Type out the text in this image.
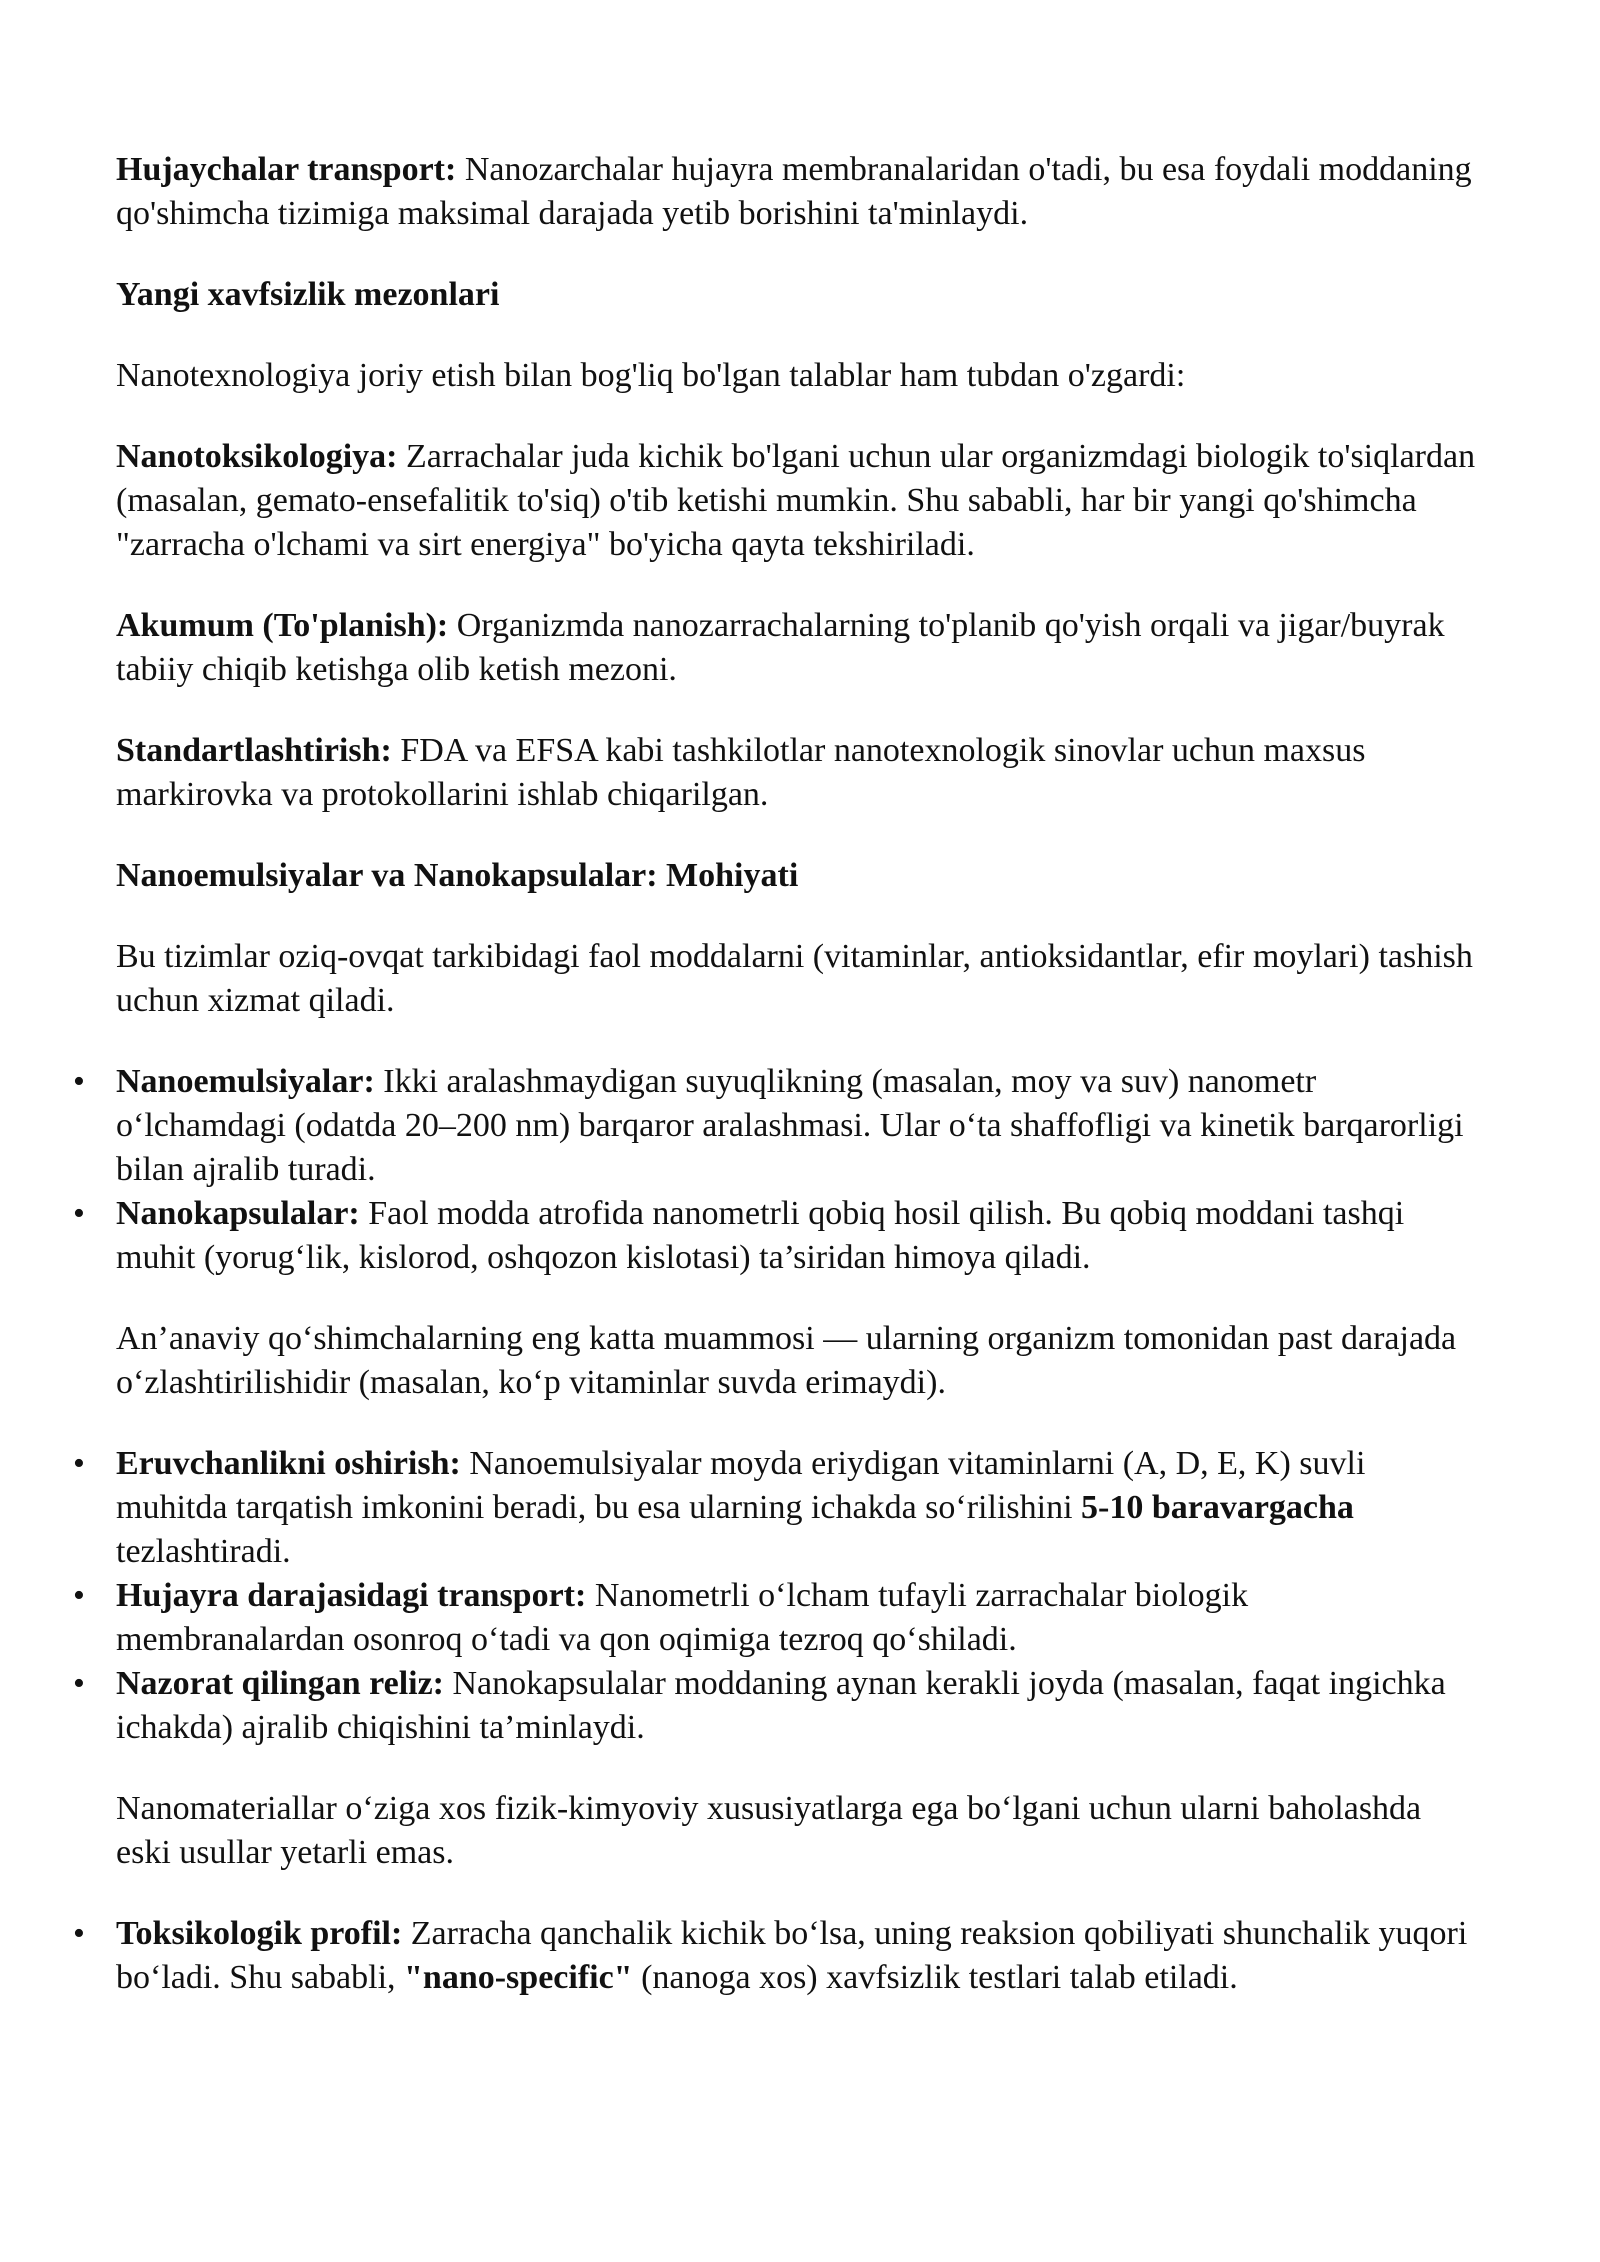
Hujaychalar transport: Nanozarchalar hujayra membranalaridan o'tadi, bu esa foydali moddaning qo'shimcha tizimiga maksimal darajada yetib borishini ta'minlaydi.

Yangi xavfsizlik mezonlari

Nanotexnologiya joriy etish bilan bog'liq bo'lgan talablar ham tubdan o'zgardi:

Nanotoksikologiya: Zarrachalar juda kichik bo'lgani uchun ular organizmdagi biologik to'siqlardan (masalan, gemato-ensefalitik to'siq) o'tib ketishi mumkin. Shu sababli, har bir yangi qo'shimcha "zarracha o'lchami va sirt energiya" bo'yicha qayta tekshiriladi.

Akumum (To'planish): Organizmda nanozarrachalarning to'planib qo'yish orqali va jigar/buyrak tabiiy chiqib ketishga olib ketish mezoni.

Standartlashtirish: FDA va EFSA kabi tashkilotlar nanotexnologik sinovlar uchun maxsus markirovka va protokollarini ishlab chiqarilgan.

Nanoemulsiyalar va Nanokapsulalar: Mohiyati

Bu tizimlar oziq-ovqat tarkibidagi faol moddalarni (vitaminlar, antioksidantlar, efir moylari) tashish uchun xizmat qiladi.

• Nanoemulsiyalar: Ikki aralashmaydigan suyuqlikning (masalan, moy va suv) nanometr o‘lchamdagi (odatda 20–200 nm) barqaror aralashmasi. Ular o‘ta shaffofligi va kinetik barqarorligi bilan ajralib turadi.
• Nanokapsulalar: Faol modda atrofida nanometrli qobiq hosil qilish. Bu qobiq moddani tashqi muhit (yorug‘lik, kislorod, oshqozon kislotasi) ta’siridan himoya qiladi.

An’anaviy qo‘shimchalarning eng katta muammosi — ularning organizm tomonidan past darajada o‘zlashtirilishidir (masalan, ko‘p vitaminlar suvda erimaydi).

• Eruvchanlikni oshirish: Nanoemulsiyalar moyda eriydigan vitaminlarni (A, D, E, K) suvli muhitda tarqatish imkonini beradi, bu esa ularning ichakda so‘rilishini 5-10 baravargacha tezlashtiradi.
• Hujayra darajasidagi transport: Nanometrli o‘lcham tufayli zarrachalar biologik membranalardan osonroq o‘tadi va qon oqimiga tezroq qo‘shiladi.
• Nazorat qilingan reliz: Nanokapsulalar moddaning aynan kerakli joyda (masalan, faqat ingichka ichakda) ajralib chiqishini ta’minlaydi.

Nanomateriallar o‘ziga xos fizik-kimyoviy xususiyatlarga ega bo‘lgani uchun ularni baholashda eski usullar yetarli emas.

• Toksikologik profil: Zarracha qanchalik kichik bo‘lsa, uning reaksion qobiliyati shunchalik yuqori bo‘ladi. Shu sababli, "nano-specific" (nanoga xos) xavfsizlik testlari talab etiladi.
